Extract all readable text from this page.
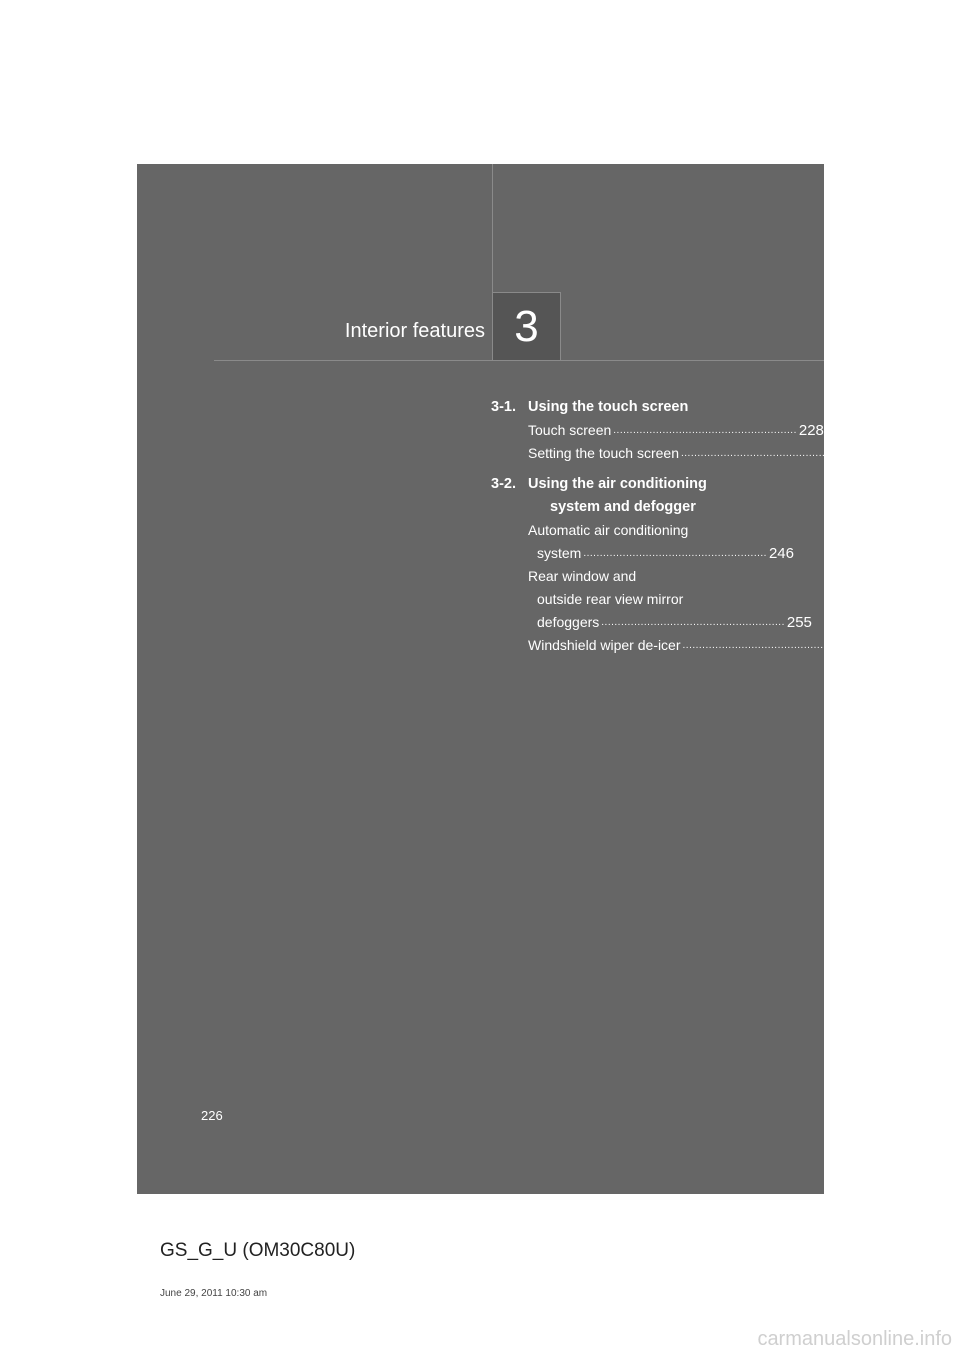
Interior features 3
3-1. Using the touch screen
Touch screen ........................................................ 228
Setting the touch screen ........................................................ 235
3-2. Using the air conditioning
system and defogger
Automatic air conditioning
system ........................................................ 246
Rear window and
outside rear view mirror
defoggers ........................................................ 255
Windshield wiper de-icer ........................................................ 256
226
GS_G_U (OM30C80U)
June 29, 2011 10:30 am
carmanualsonline.info
